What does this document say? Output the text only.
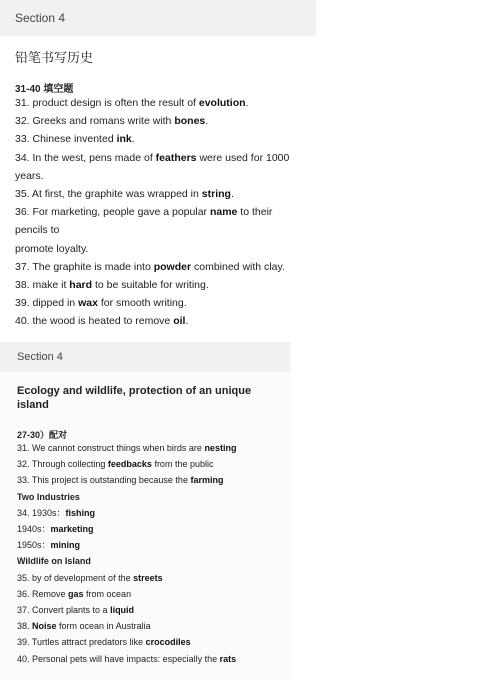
Section 4
铅笔书写历史
31-40 填空题
31. product design is often the result of evolution.
32. Greeks and romans write with bones.
33. Chinese invented ink.
34. In the west, pens made of feathers were used for 1000
years.
35. At first, the graphite was wrapped in string.
36. For marketing, people gave a popular name to their
pencils to
promote loyalty.
37. The graphite is made into powder combined with clay.
38. make it hard to be suitable for writing.
39. dipped in wax for smooth writing.
40. the wood is heated to remove oil.
Section 4
Ecology and wildlife, protection of an unique island
27-30）配对
31. We cannot construct things when birds are nesting
32. Through collecting feedbacks from the public
33. This project is outstanding because the farming
Two Industries
34. 1930s：fishing
1940s：marketing
1950s：mining
Wildlife on Island
35. by of development of the streets
36. Remove gas from ocean
37. Convert plants to a liquid
38. Noise form ocean in Australia
39. Turtles attract predators like crocodiles
40. Personal pets will have impacts: especially the rats
